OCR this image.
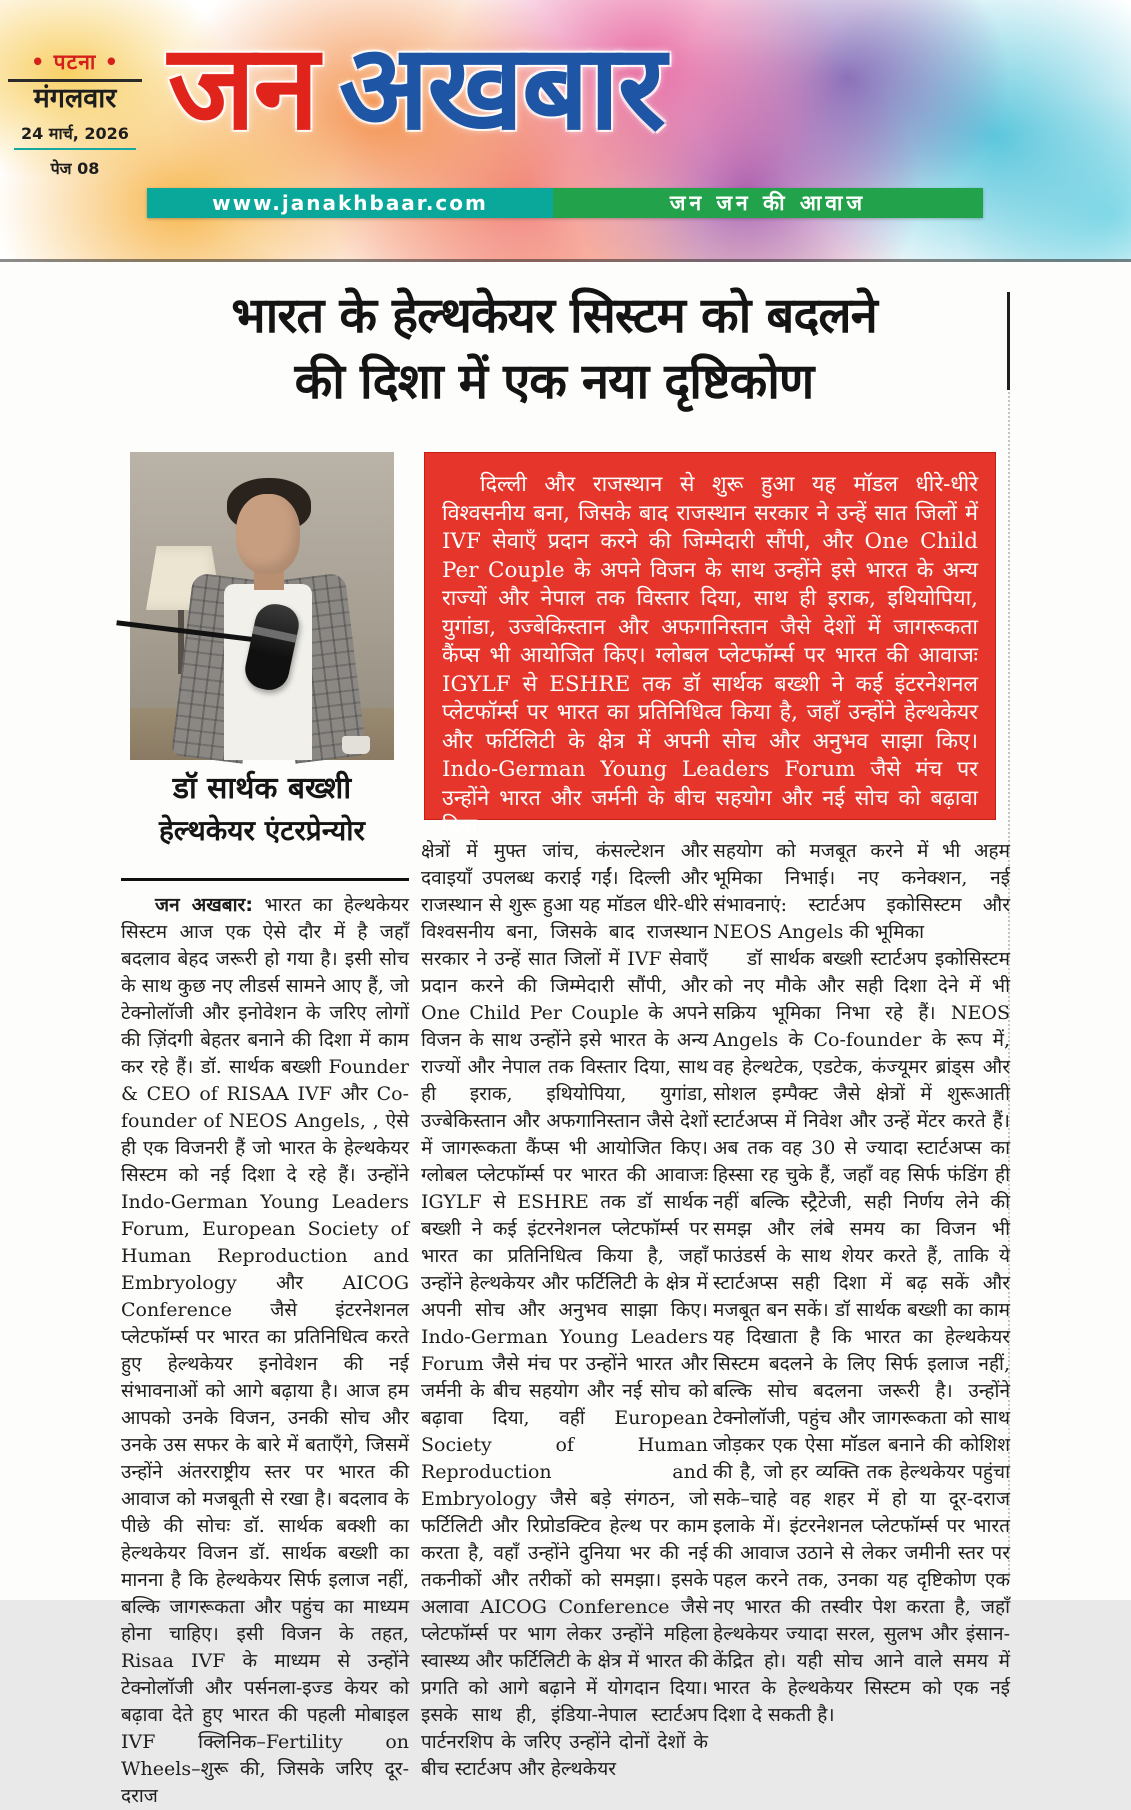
• पटना •
मंगलवार
24 मार्च, 2026
पेज 08
जन अखबार
www.janakhbaar.com	जन जन की आवाज
भारत के हेल्थकेयर सिस्टम को बदलने
की दिशा में एक नया दृष्टिकोण
डॉ सार्थक बख्शी
हेल्थकेयर एंटरप्रेन्योर

दिल्ली और राजस्थान से शुरू हुआ यह मॉडल धीरे-धीरे विश्वसनीय बना, जिसके बाद राजस्थान सरकार ने उन्हें सात जिलों में IVF सेवाएँ प्रदान करने की जिम्मेदारी सौंपी, और One Child Per Couple के अपने विजन के साथ उन्होंने इसे भारत के अन्य राज्यों और नेपाल तक विस्तार दिया, साथ ही इराक, इथियोपिया, युगांडा, उज्बेकिस्तान और अफगानिस्तान जैसे देशों में जागरूकता कैंप्स भी आयोजित किए। ग्लोबल प्लेटफॉर्म्स पर भारत की आवाजः IGYLF से ESHRE तक डॉ सार्थक बख्शी ने कई इंटरनेशनल प्लेटफॉर्म्स पर भारत का प्रतिनिधित्व किया है, जहाँ उन्होंने हेल्थकेयर और फर्टिलिटी के क्षेत्र में अपनी सोच और अनुभव साझा किए। Indo-German Young Leaders Forum जैसे मंच पर उन्होंने भारत और जर्मनी के बीच सहयोग और नई सोच को बढ़ावा दिया,

जन अखबार: भारत का हेल्थकेयर सिस्टम आज एक ऐसे दौर में है जहाँ बदलाव बेहद जरूरी हो गया है। इसी सोच के साथ कुछ नए लीडर्स सामने आए हैं, जो टेक्नोलॉजी और इनोवेशन के जरिए लोगों की ज़िंदगी बेहतर बनाने की दिशा में काम कर रहे हैं। डॉ. सार्थक बख्शी Founder & CEO of RISAA IVF और Co-founder of NEOS Angels, , ऐसे ही एक विजनरी हैं जो भारत के हेल्थकेयर सिस्टम को नई दिशा दे रहे हैं। उन्होंने Indo-German Young Leaders Forum, European Society of Human Reproduction and Embryology और AICOG Conference जैसे इंटरनेशनल प्लेटफॉर्म्स पर भारत का प्रतिनिधित्व करते हुए हेल्थकेयर इनोवेशन की नई संभावनाओं को आगे बढ़ाया है। आज हम आपको उनके विजन, उनकी सोच और उनके उस सफर के बारे में बताएँगे, जिसमें उन्होंने अंतरराष्ट्रीय स्तर पर भारत की आवाज को मजबूती से रखा है। बदलाव के पीछे की सोचः डॉ. सार्थक बक्शी का हेल्थकेयर विजन डॉ. सार्थक बख्शी का मानना है कि हेल्थकेयर सिर्फ इलाज नहीं, बल्कि जागरूकता और पहुंच का माध्यम होना चाहिए। इसी विजन के तहत, Risaa IVF के माध्यम से उन्होंने टेक्नोलॉजी और पर्सनला-इज्ड केयर को बढ़ावा देते हुए भारत की पहली मोबाइल IVF क्लिनिक–Fertility on Wheels–शुरू की, जिसके जरिए दूर-दराज

क्षेत्रों में मुफ्त जांच, कंसल्टेशन और दवाइयाँ उपलब्ध कराई गईं। दिल्ली और राजस्थान से शुरू हुआ यह मॉडल धीरे-धीरे विश्वसनीय बना, जिसके बाद राजस्थान सरकार ने उन्हें सात जिलों में IVF सेवाएँ प्रदान करने की जिम्मेदारी सौंपी, और One Child Per Couple के अपने विजन के साथ उन्होंने इसे भारत के अन्य राज्यों और नेपाल तक विस्तार दिया, साथ ही इराक, इथियोपिया, युगांडा, उज्बेकिस्तान और अफगानिस्तान जैसे देशों में जागरूकता कैंप्स भी आयोजित किए। ग्लोबल प्लेटफॉर्म्स पर भारत की आवाजः IGYLF से ESHRE तक डॉ सार्थक बख्शी ने कई इंटरनेशनल प्लेटफॉर्म्स पर भारत का प्रतिनिधित्व किया है, जहाँ उन्होंने हेल्थकेयर और फर्टिलिटी के क्षेत्र में अपनी सोच और अनुभव साझा किए। Indo-German Young Leaders Forum जैसे मंच पर उन्होंने भारत और जर्मनी के बीच सहयोग और नई सोच को बढ़ावा दिया, वहीं European Society of Human Reproduction and Embryology जैसे बड़े संगठन, जो फर्टिलिटी और रिप्रोडक्टिव हेल्थ पर काम करता है, वहाँ उन्होंने दुनिया भर की नई तकनीकों और तरीकों को समझा। इसके अलावा AICOG Conference जैसे प्लेटफॉर्म्स पर भाग लेकर उन्होंने महिला स्वास्थ्य और फर्टिलिटी के क्षेत्र में भारत की प्रगति को आगे बढ़ाने में योगदान दिया। इसके साथ ही, इंडिया-नेपाल स्टार्टअप पार्टनरशिप के जरिए उन्होंने दोनों देशों के बीच स्टार्टअप और हेल्थकेयर

सहयोग को मजबूत करने में भी अहम भूमिका निभाई। नए कनेक्शन, नई संभावनाएं: स्टार्टअप इकोसिस्टम और NEOS Angels की भूमिका

डॉ सार्थक बख्शी स्टार्टअप इकोसिस्टम को नए मौके और सही दिशा देने में भी सक्रिय भूमिका निभा रहे हैं। NEOS Angels के Co-founder के रूप में, वह हेल्थटेक, एडटेक, कंज्यूमर ब्रांड्स और सोशल इम्पैक्ट जैसे क्षेत्रों में शुरूआती स्टार्टअप्स में निवेश और उन्हें मेंटर करते हैं। अब तक वह 30 से ज्यादा स्टार्टअप्स का हिस्सा रह चुके हैं, जहाँ वह सिर्फ फंडिंग ही नहीं बल्कि स्ट्रैटेजी, सही निर्णय लेने की समझ और लंबे समय का विजन भी फाउंडर्स के साथ शेयर करते हैं, ताकि ये स्टार्टअप्स सही दिशा में बढ़ सकें और मजबूत बन सकें। डॉ सार्थक बख्शी का काम यह दिखाता है कि भारत का हेल्थकेयर सिस्टम बदलने के लिए सिर्फ इलाज नहीं, बल्कि सोच बदलना जरूरी है। उन्होंने टेक्नोलॉजी, पहुंच और जागरूकता को साथ जोड़कर एक ऐसा मॉडल बनाने की कोशिश की है, जो हर व्यक्ति तक हेल्थकेयर पहुंचा सके–चाहे वह शहर में हो या दूर-दराज इलाके में। इंटरनेशनल प्लेटफॉर्म्स पर भारत की आवाज उठाने से लेकर जमीनी स्तर पर पहल करने तक, उनका यह दृष्टिकोण एक नए भारत की तस्वीर पेश करता है, जहाँ हेल्थकेयर ज्यादा सरल, सुलभ और इंसान-केंद्रित हो। यही सोच आने वाले समय में भारत के हेल्थकेयर सिस्टम को एक नई दिशा दे सकती है।
